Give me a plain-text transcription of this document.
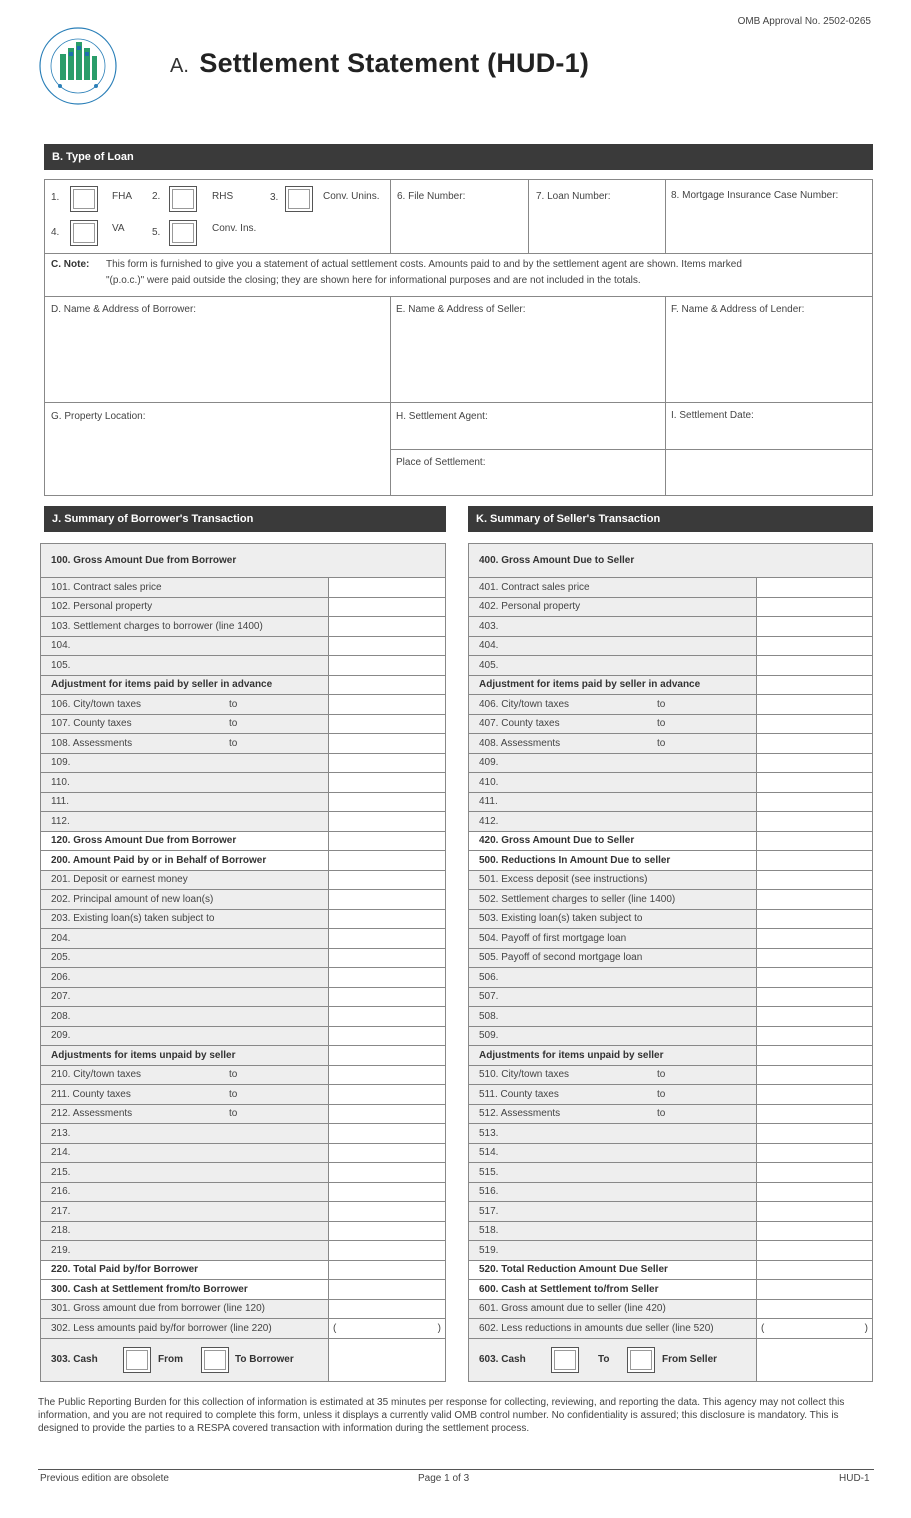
OMB Approval No. 2502-0265
A. Settlement Statement (HUD-1)
B. Type of Loan
1.	FHA 2.	RHS	3.	Conv. Unins.
4.	VA	5.	Conv. Ins.
6. File Number:	7. Loan Number:	8. Mortgage Insurance Case Number:
C. Note: This form is furnished to give you a statement of actual settlement costs. Amounts paid to and by the settlement agent are shown. Items marked
"(p.o.c.)" were paid outside the closing; they are shown here for informational purposes and are not included in the totals.
D. Name & Address of Borrower:	E. Name & Address of Seller:	F. Name & Address of Lender:
G. Property Location:	H. Settlement Agent:	I. Settlement Date:
Place of Settlement:
J. Summary of Borrower's Transaction	K. Summary of Seller's Transaction
100. Gross Amount Due from Borrower
101. Contract sales price
102. Personal property
103. Settlement charges to borrower (line 1400)
104.
105.
Adjustment for items paid by seller in advance
106. City/town taxes	to
107. County taxes	to
108. Assessments	to
109.
110.
111.
112.
120. Gross Amount Due from Borrower
200. Amount Paid by or in Behalf of Borrower
201. Deposit or earnest money
202. Principal amount of new loan(s)
203. Existing loan(s) taken subject to
204.
205.
206.
207.
208.
209.
Adjustments for items unpaid by seller
210. City/town taxes	to
211. County taxes	to
212. Assessments	to
213.
214.
215.
216.
217.
218.
219.
220. Total Paid by/for Borrower
300. Cash at Settlement from/to Borrower
301. Gross amount due from borrower (line 120)
302. Less amounts paid by/for borrower (line 220)	(	)
303. Cash	From	To Borrower
400. Gross Amount Due to Seller
401. Contract sales price
402. Personal property
403.
404.
405.
Adjustment for items paid by seller in advance
406. City/town taxes	to
407. County taxes	to
408. Assessments	to
409.
410.
411.
412.
420. Gross Amount Due to Seller
500. Reductions In Amount Due to seller
501. Excess deposit (see instructions)
502. Settlement charges to seller (line 1400)
503. Existing loan(s) taken subject to
504. Payoff of first mortgage loan
505. Payoff of second mortgage loan
506.
507.
508.
509.
Adjustments for items unpaid by seller
510. City/town taxes	to
511. County taxes	to
512. Assessments	to
513.
514.
515.
516.
517.
518.
519.
520. Total Reduction Amount Due Seller
600. Cash at Settlement to/from Seller
601. Gross amount due to seller (line 420)
602. Less reductions in amounts due seller (line 520)	(	)
603. Cash	To	From Seller
The Public Reporting Burden for this collection of information is estimated at 35 minutes per response for collecting, reviewing, and reporting the data. This agency may not collect this information, and you are not required to complete this form, unless it displays a currently valid OMB control number. No confidentiality is assured; this disclosure is mandatory. This is designed to provide the parties to a RESPA covered transaction with information during the settlement process.
Previous edition are obsolete	Page 1 of 3	HUD-1
